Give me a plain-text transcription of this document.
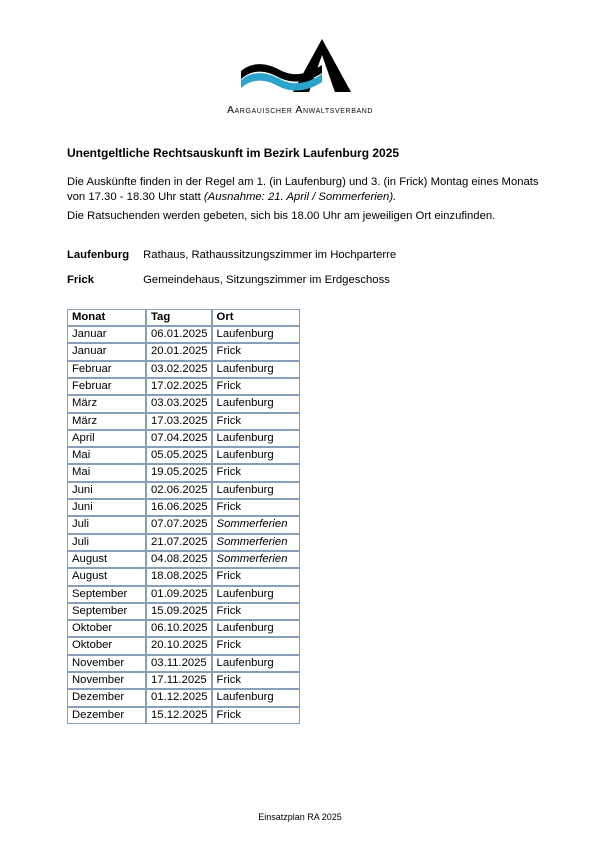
Aargauischer Anwaltsverband
Unentgeltliche Rechtsauskunft im Bezirk Laufenburg 2025

Die Auskünfte finden in der Regel am 1. (in Laufenburg) und 3. (in Frick) Montag eines Monats
von 17.30 - 18.30 Uhr statt (Ausnahme: 21. April / Sommerferien).

Die Ratsuchenden werden gebeten, sich bis 18.00 Uhr am jeweiligen Ort einzufinden.

Laufenburg Rathaus, Rathaussitzungszimmer im Hochparterre
Frick	Gemeindehaus, Sitzungszimmer im Erdgeschoss
Monat	Tag	Ort
Januar	06.01.2025	Laufenburg
Januar	20.01.2025	Frick
Februar	03.02.2025	Laufenburg
Februar	17.02.2025	Frick
März	03.03.2025	Laufenburg
März	17.03.2025	Frick
April	07.04.2025	Laufenburg
Mai	05.05.2025	Laufenburg
Mai	19.05.2025	Frick
Juni	02.06.2025	Laufenburg
Juni	16.06.2025	Frick
Juli	07.07.2025	Sommerferien
Juli	21.07.2025	Sommerferien
August	04.08.2025	Sommerferien
August	18.08.2025	Frick
September	01.09.2025	Laufenburg
September	15.09.2025	Frick
Oktober	06.10.2025	Laufenburg
Oktober	20.10.2025	Frick
November	03.11.2025	Laufenburg
November	17.11.2025	Frick
Dezember	01.12.2025	Laufenburg
Dezember	15.12.2025	Frick
Einsatzplan RA 2025
